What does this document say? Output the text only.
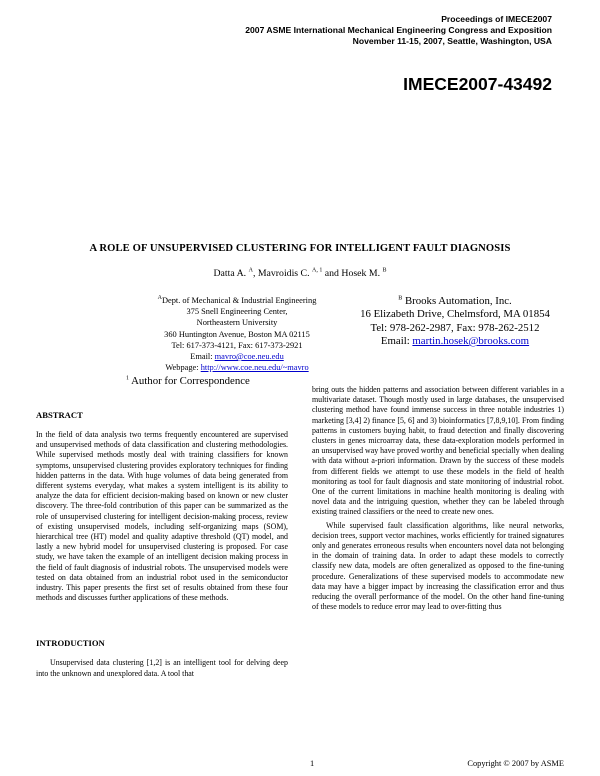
Proceedings of IMECE2007
2007 ASME International Mechanical Engineering Congress and Exposition
November 11-15, 2007, Seattle, Washington, USA
IMECE2007-43492
A ROLE OF UNSUPERVISED CLUSTERING FOR INTELLIGENT FAULT DIAGNOSIS
Datta A. $^A$, Mavroidis C. $^{A, 1}$ and Hosek M. $^B$
$^A$Dept. of Mechanical & Industrial Engineering
375 Snell Engineering Center,
Northeastern University
360 Huntington Avenue, Boston MA 02115
Tel: 617-373-4121, Fax: 617-373-2921
Email: mavro@coe.neu.edu
Webpage: http://www.coe.neu.edu/~mavro
$^B$ Brooks Automation, Inc.
16 Elizabeth Drive, Chelmsford, MA 01854
Tel: 978-262-2987, Fax: 978-262-2512
Email: martin.hosek@brooks.com
$^1$ Author for Correspondence
ABSTRACT

In the field of data analysis two terms frequently encountered are supervised and unsupervised methods of data classification and clustering methodologies. While supervised methods mostly deal with training classifiers for known symptoms, unsupervised clustering provides exploratory techniques for finding hidden patterns in the data. With huge volumes of data being generated from different systems everyday, what makes a system intelligent is its ability to analyze the data for efficient decision-making based on known or new cluster discovery. The three-fold contribution of this paper can be summarized as the role of unsupervised clustering for intelligent decision-making process, review of existing unsupervised models, including self-organizing maps (SOM), hierarchical tree (HT) model and quality adaptive threshold (QT) model, and lastly a new hybrid model for unsupervised clustering is proposed. For case study, we have taken the example of an intelligent decision making process in the field of fault diagnosis of industrial robots. The unsupervised models were tested on data obtained from an industrial robot used in the semiconductor industry. This paper presents the first set of results obtained from these four methods and discusses further applications of these methods.

INTRODUCTION

Unsupervised data clustering [1,2] is an intelligent tool for delving deep into the unknown and unexplored data. A tool that

bring outs the hidden patterns and association between different variables in a multivariate dataset. Though mostly used in large databases, the unsupervised clustering method have found immense success in three notable industries 1) marketing [3,4] 2) finance [5, 6] and 3) bioinformatics [7,8,9,10]. From finding patterns in customers buying habit, to fraud detection and finally discovering clusters in genes microarray data, these data-exploration models performed in an unsupervised way have proved worthy and beneficial specially when dealing with data without a-priori information. Drawn by the success of these models from different fields we attempt to use these models in the field of health monitoring as tool for fault diagnosis and state monitoring of industrial robot. One of the current limitations in machine health monitoring is dealing with novel data and the intriguing question, whether they can be labeled through existing trained classifiers or the need to create new ones.

While supervised fault classification algorithms, like neural networks, decision trees, support vector machines, works efficiently for trained signatures only and generates erroneous results when encounters novel data not belonging in the domain of training data. In order to adapt these models to correctly classify new data, models are often generalized as opposed to the fine-tuning procedure. Generalizations of these supervised models to accommodate new data may have a bigger impact by increasing the classification error and thus reducing the overall performance of the model. On the other hand fine-tuning of these models to reduce error may lead to over-fitting thus

1	Copyright © 2007 by ASME
